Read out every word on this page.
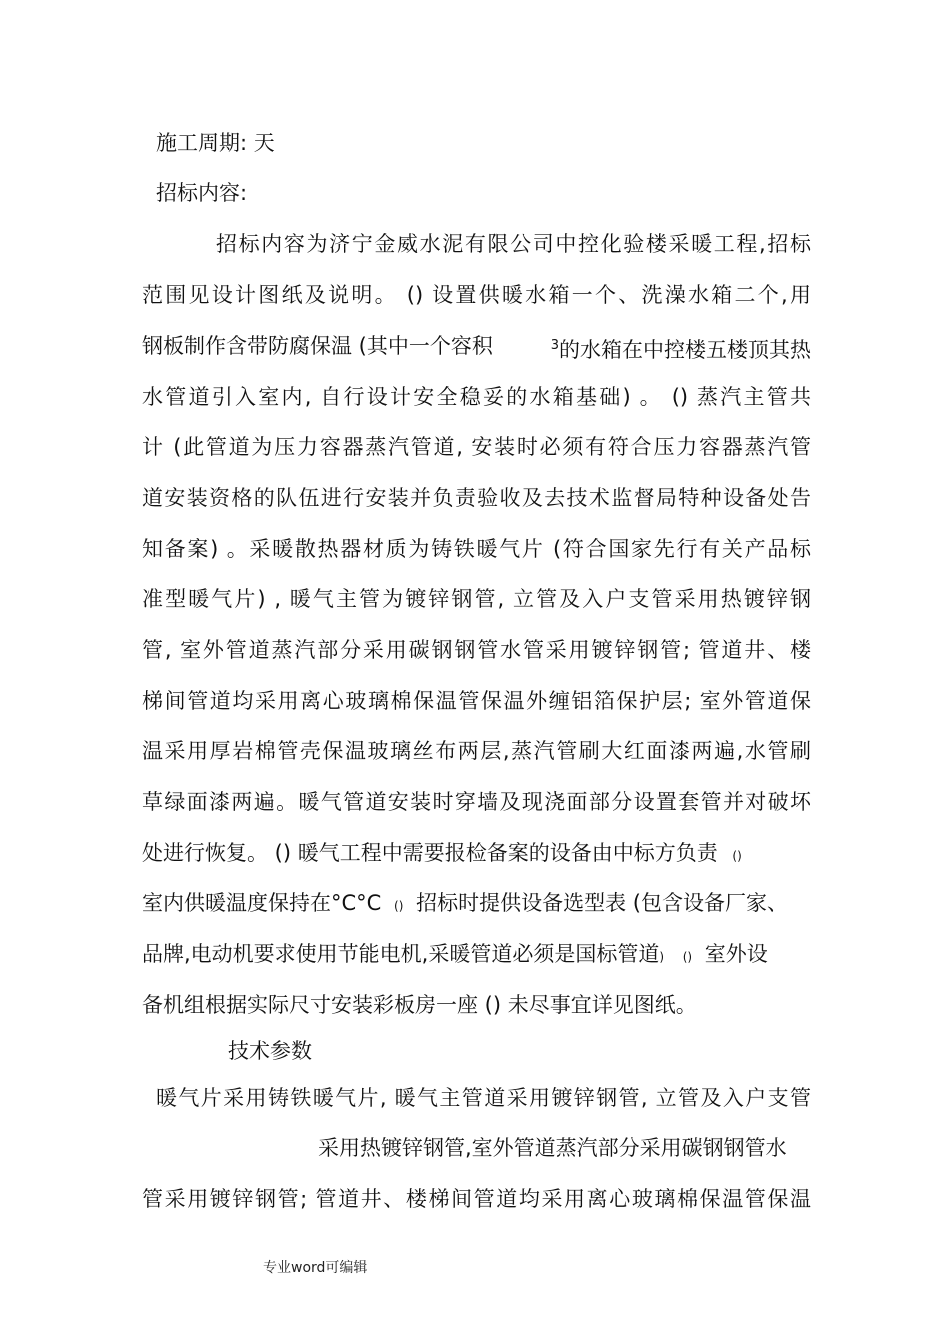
施工周期: 天
招标内容:
招标内容为济宁金威水泥有限公司中控化验楼采暖工程,招标
范围见设计图纸及说明。 () 设置供暖水箱一个、洗澡水箱二个,用
钢板制作含带防腐保温 (其中一个容积	$^3$的水箱在中控楼五楼顶其热
水管道引入室内, 自行设计安全稳妥的水箱基础) 。 () 蒸汽主管共
计 (此管道为压力容器蒸汽管道, 安装时必须有符合压力容器蒸汽管
道安装资格的队伍进行安装并负责验收及去技术监督局特种设备处告
知备案) 。采暖散热器材质为铸铁暖气片 (符合国家先行有关产品标
准型暖气片) , 暖气主管为镀锌钢管, 立管及入户支管采用热镀锌钢
管, 室外管道蒸汽部分采用碳钢钢管水管采用镀锌钢管; 管道井、楼
梯间管道均采用离心玻璃棉保温管保温外缠铝箔保护层; 室外管道保
温采用厚岩棉管壳保温玻璃丝布两层,蒸汽管刷大红面漆两遍,水管刷
草绿面漆两遍。暖气管道安装时穿墙及现浇面部分设置套管并对破坏
处进行恢复。 () 暖气工程中需要报检备案的设备由中标方负责 ()
室内供暖温度保持在°C°C () 招标时提供设备选型表 (包含设备厂家、
品牌,电动机要求使用节能电机,采暖管道必须是国标管道) () 室外设
备机组根据实际尺寸安装彩板房一座 () 未尽事宜详见图纸。
技术参数
暖气片采用铸铁暖气片, 暖气主管道采用镀锌钢管, 立管及入户支管
采用热镀锌钢管,室外管道蒸汽部分采用碳钢钢管水
管采用镀锌钢管; 管道井、楼梯间管道均采用离心玻璃棉保温管保温
专业word可编辑
